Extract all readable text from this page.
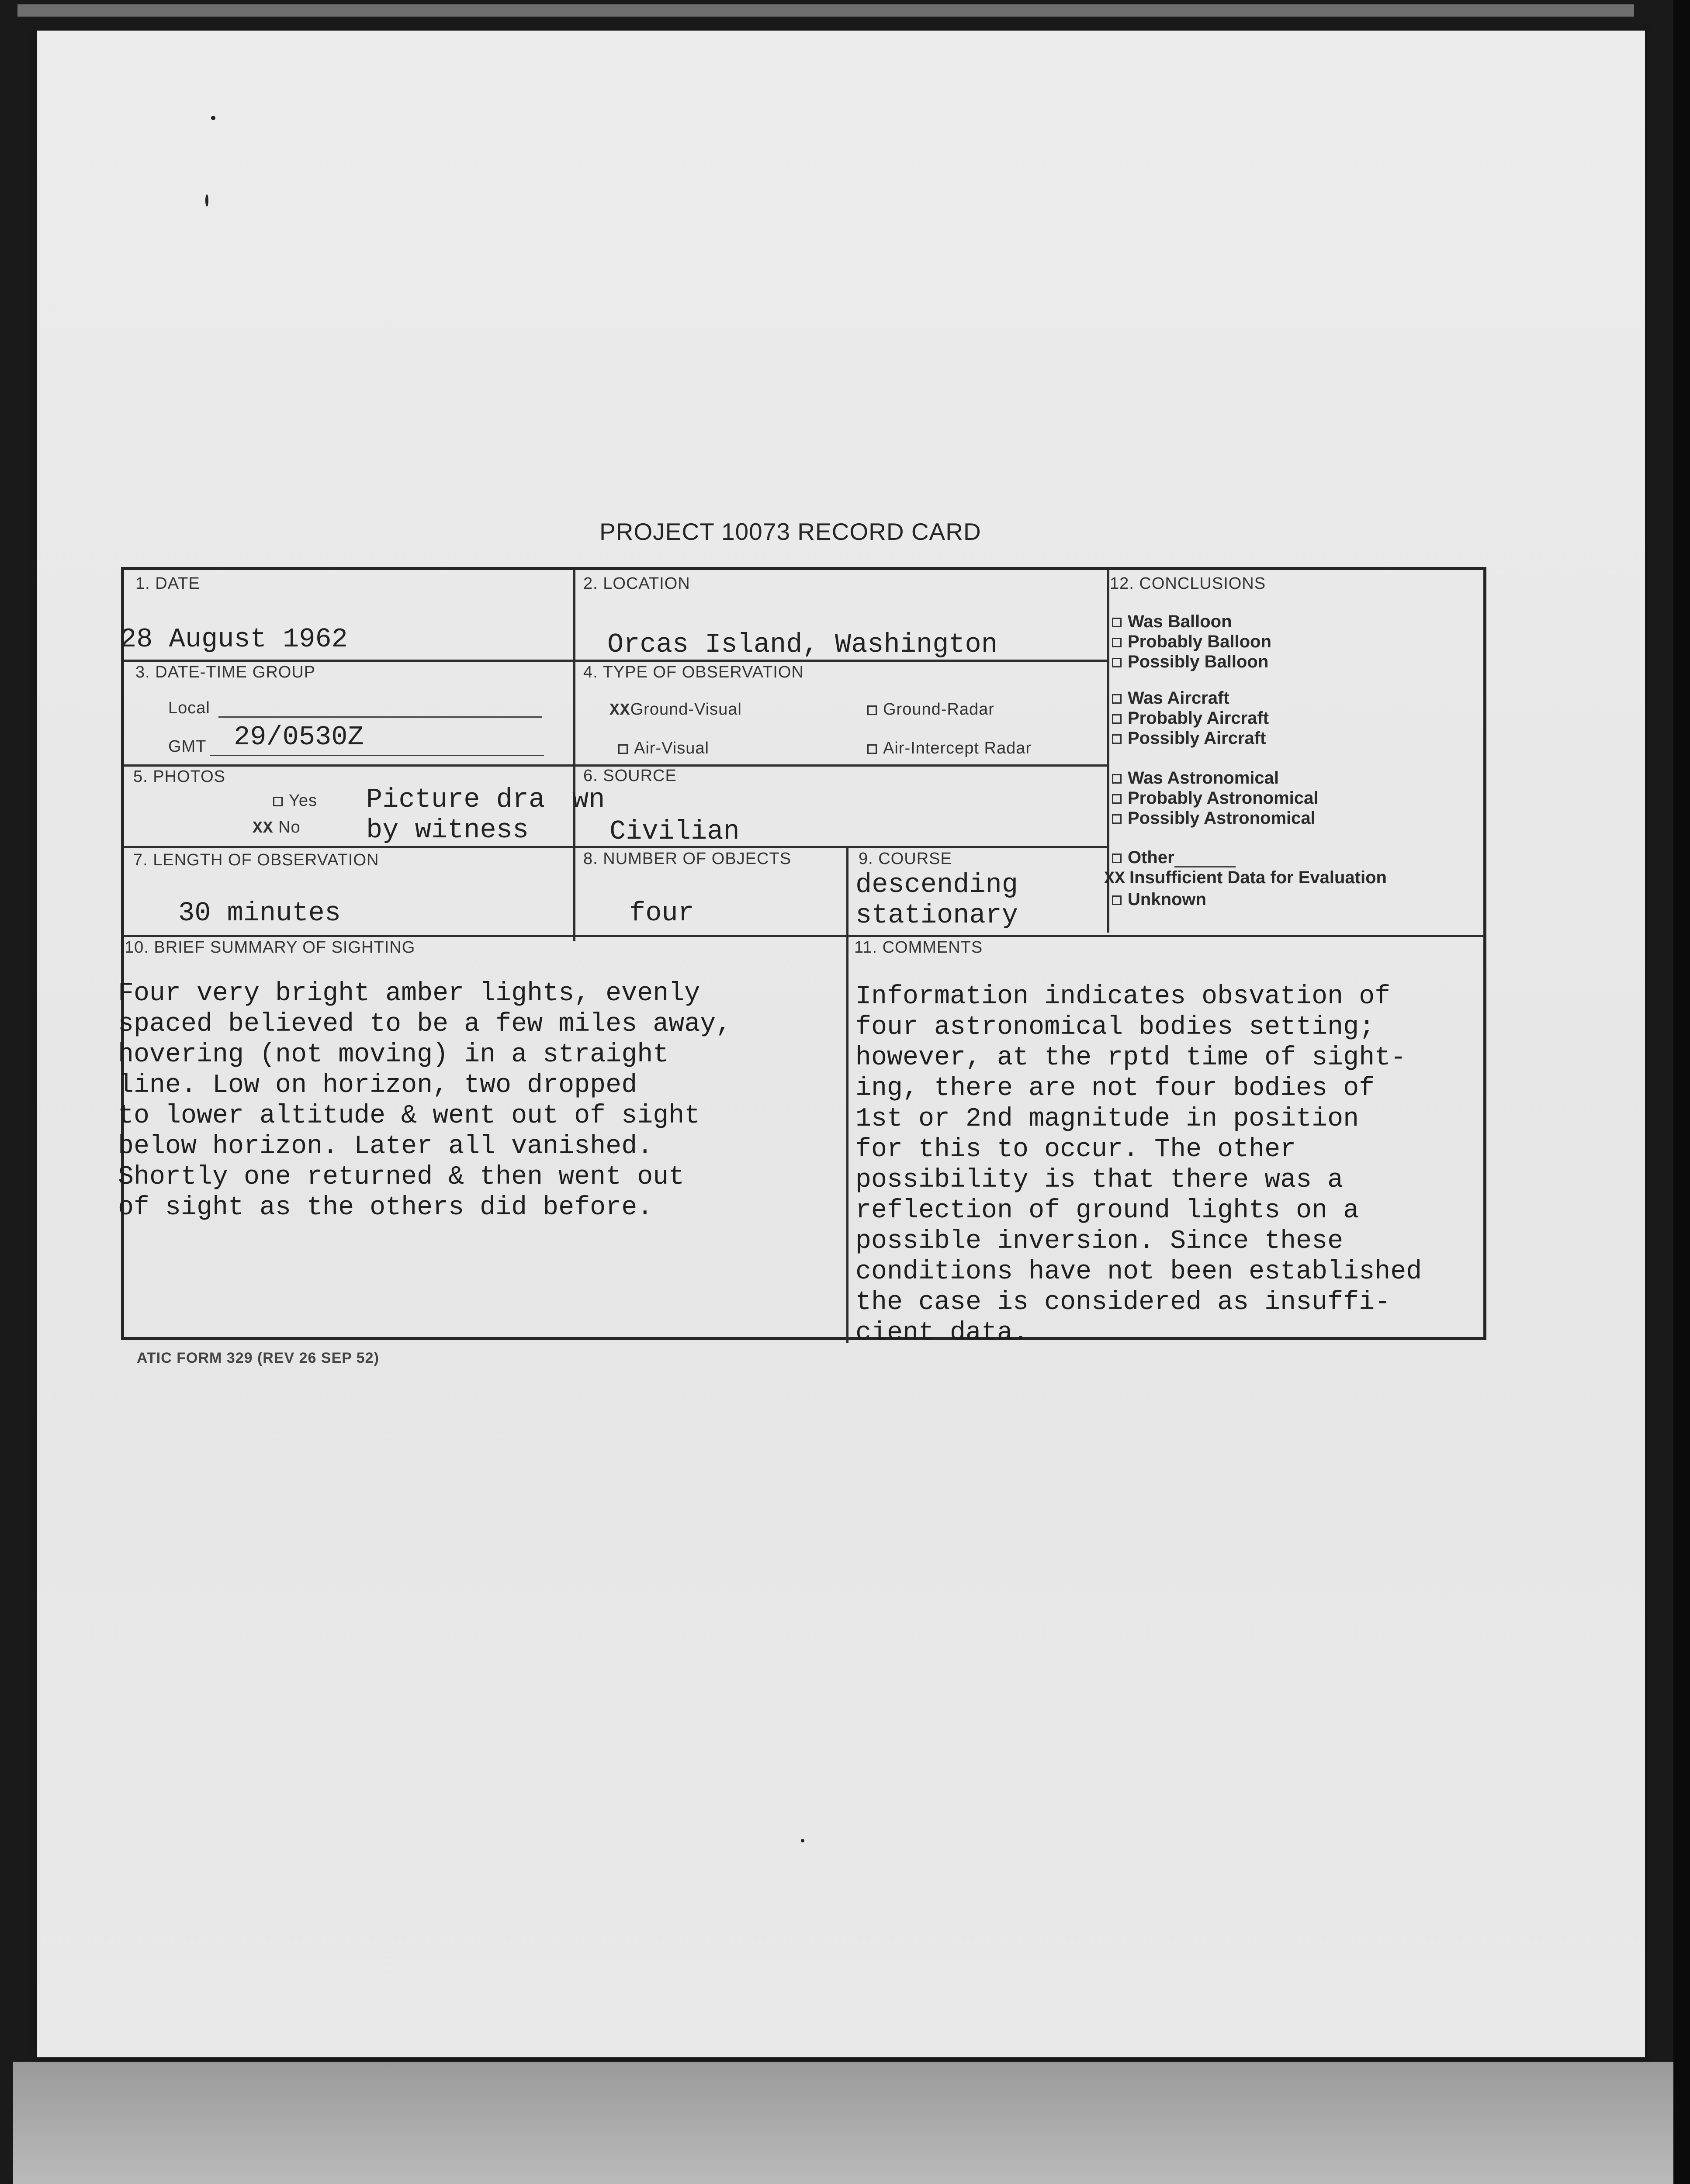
PROJECT 10073 RECORD CARD
1. DATE
28 August 1962
2. LOCATION
Orcas Island, Washington
3. DATE-TIME GROUP
Local
GMT 29/0530Z
4. TYPE OF OBSERVATION
XXGround-Visual	Ground-Radar
Air-Visual	Air-Intercept Radar
5. PHOTOS
Yes
XX No
Picture dra
by witness
6. SOURCE
wn
Civilian
7. LENGTH OF OBSERVATION
30 minutes
8. NUMBER OF OBJECTS
four
9. COURSE
descending
stationary
12. CONCLUSIONS
Was Balloon
Probably Balloon
Possibly Balloon
Was Aircraft
Probably Aircraft
Possibly Aircraft
Was Astronomical
Probably Astronomical
Possibly Astronomical
Other
XX Insufficient Data for Evaluation
Unknown
10. BRIEF SUMMARY OF SIGHTING
Four very bright amber lights, evenly
spaced believed to be a few miles away,
hovering (not moving) in a straight
line. Low on horizon, two dropped
to lower altitude & went out of sight
below horizon. Later all vanished.
Shortly one returned & then went out
of sight as the others did before.
11. COMMENTS
Information indicates obsvation of
four astronomical bodies setting;
however, at the rptd time of sight-
ing, there are not four bodies of
1st or 2nd magnitude in position
for this to occur. The other
possibility is that there was a
reflection of ground lights on a
possible inversion. Since these
conditions have not been established
the case is considered as insuffi-
cient data.
ATIC FORM 329 (REV 26 SEP 52)
